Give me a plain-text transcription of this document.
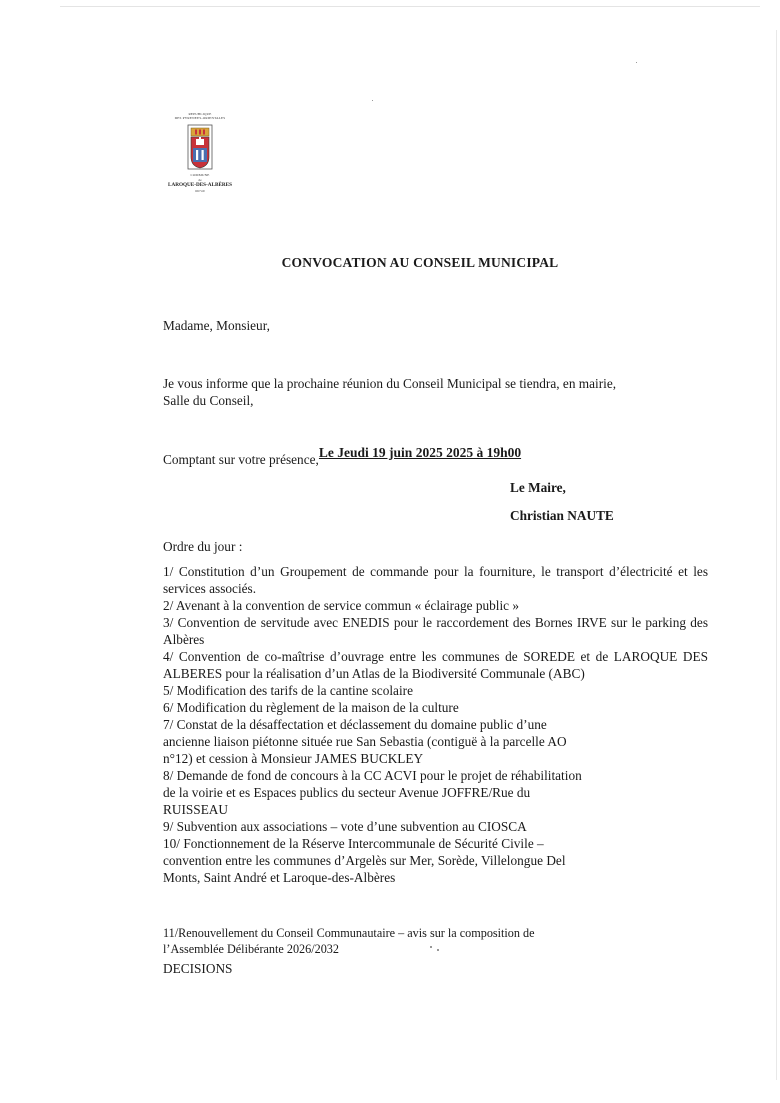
REPUBLIQUE
DES PYRENEES-ORIENTALES
COMMUNE
de
LAROQUE-DES-ALBÈRES
66740
CONVOCATION AU CONSEIL MUNICIPAL
Madame, Monsieur,
Je vous informe que la prochaine réunion du Conseil Municipal se tiendra, en mairie,
Salle du Conseil,
Le Jeudi 19 juin 2025 2025 à 19h00
Comptant sur votre présence,
Le Maire,
Christian NAUTE
Ordre du jour :
1/ Constitution d’un Groupement de commande pour la fourniture, le transport d’électricité et les services associés.
2/ Avenant à la convention de service commun « éclairage public »
3/ Convention de servitude avec ENEDIS pour le raccordement des Bornes IRVE sur le parking des Albères
4/ Convention de co-maîtrise d’ouvrage entre les communes de SOREDE et de LAROQUE DES ALBERES pour la réalisation d’un Atlas de la Biodiversité Communale (ABC)
5/ Modification des tarifs de la cantine scolaire
6/ Modification du règlement de la maison de la culture
7/ Constat de la désaffectation et déclassement du domaine public d’une
ancienne liaison piétonne située rue San Sebastia (contiguë à la parcelle AO
n°12) et cession à Monsieur JAMES BUCKLEY
8/ Demande de fond de concours à la CC ACVI pour le projet de réhabilitation
de la voirie et es Espaces publics du secteur Avenue JOFFRE/Rue du
RUISSEAU
9/ Subvention aux associations – vote d’une subvention au CIOSCA
10/ Fonctionnement de la Réserve Intercommunale de Sécurité Civile –
convention entre les communes d’Argelès sur Mer, Sorède, Villelongue Del
Monts, Saint André et Laroque-des-Albères
11/Renouvellement du Conseil Communautaire – avis sur la composition de
l’Assemblée Délibérante 2026/2032
DECISIONS
